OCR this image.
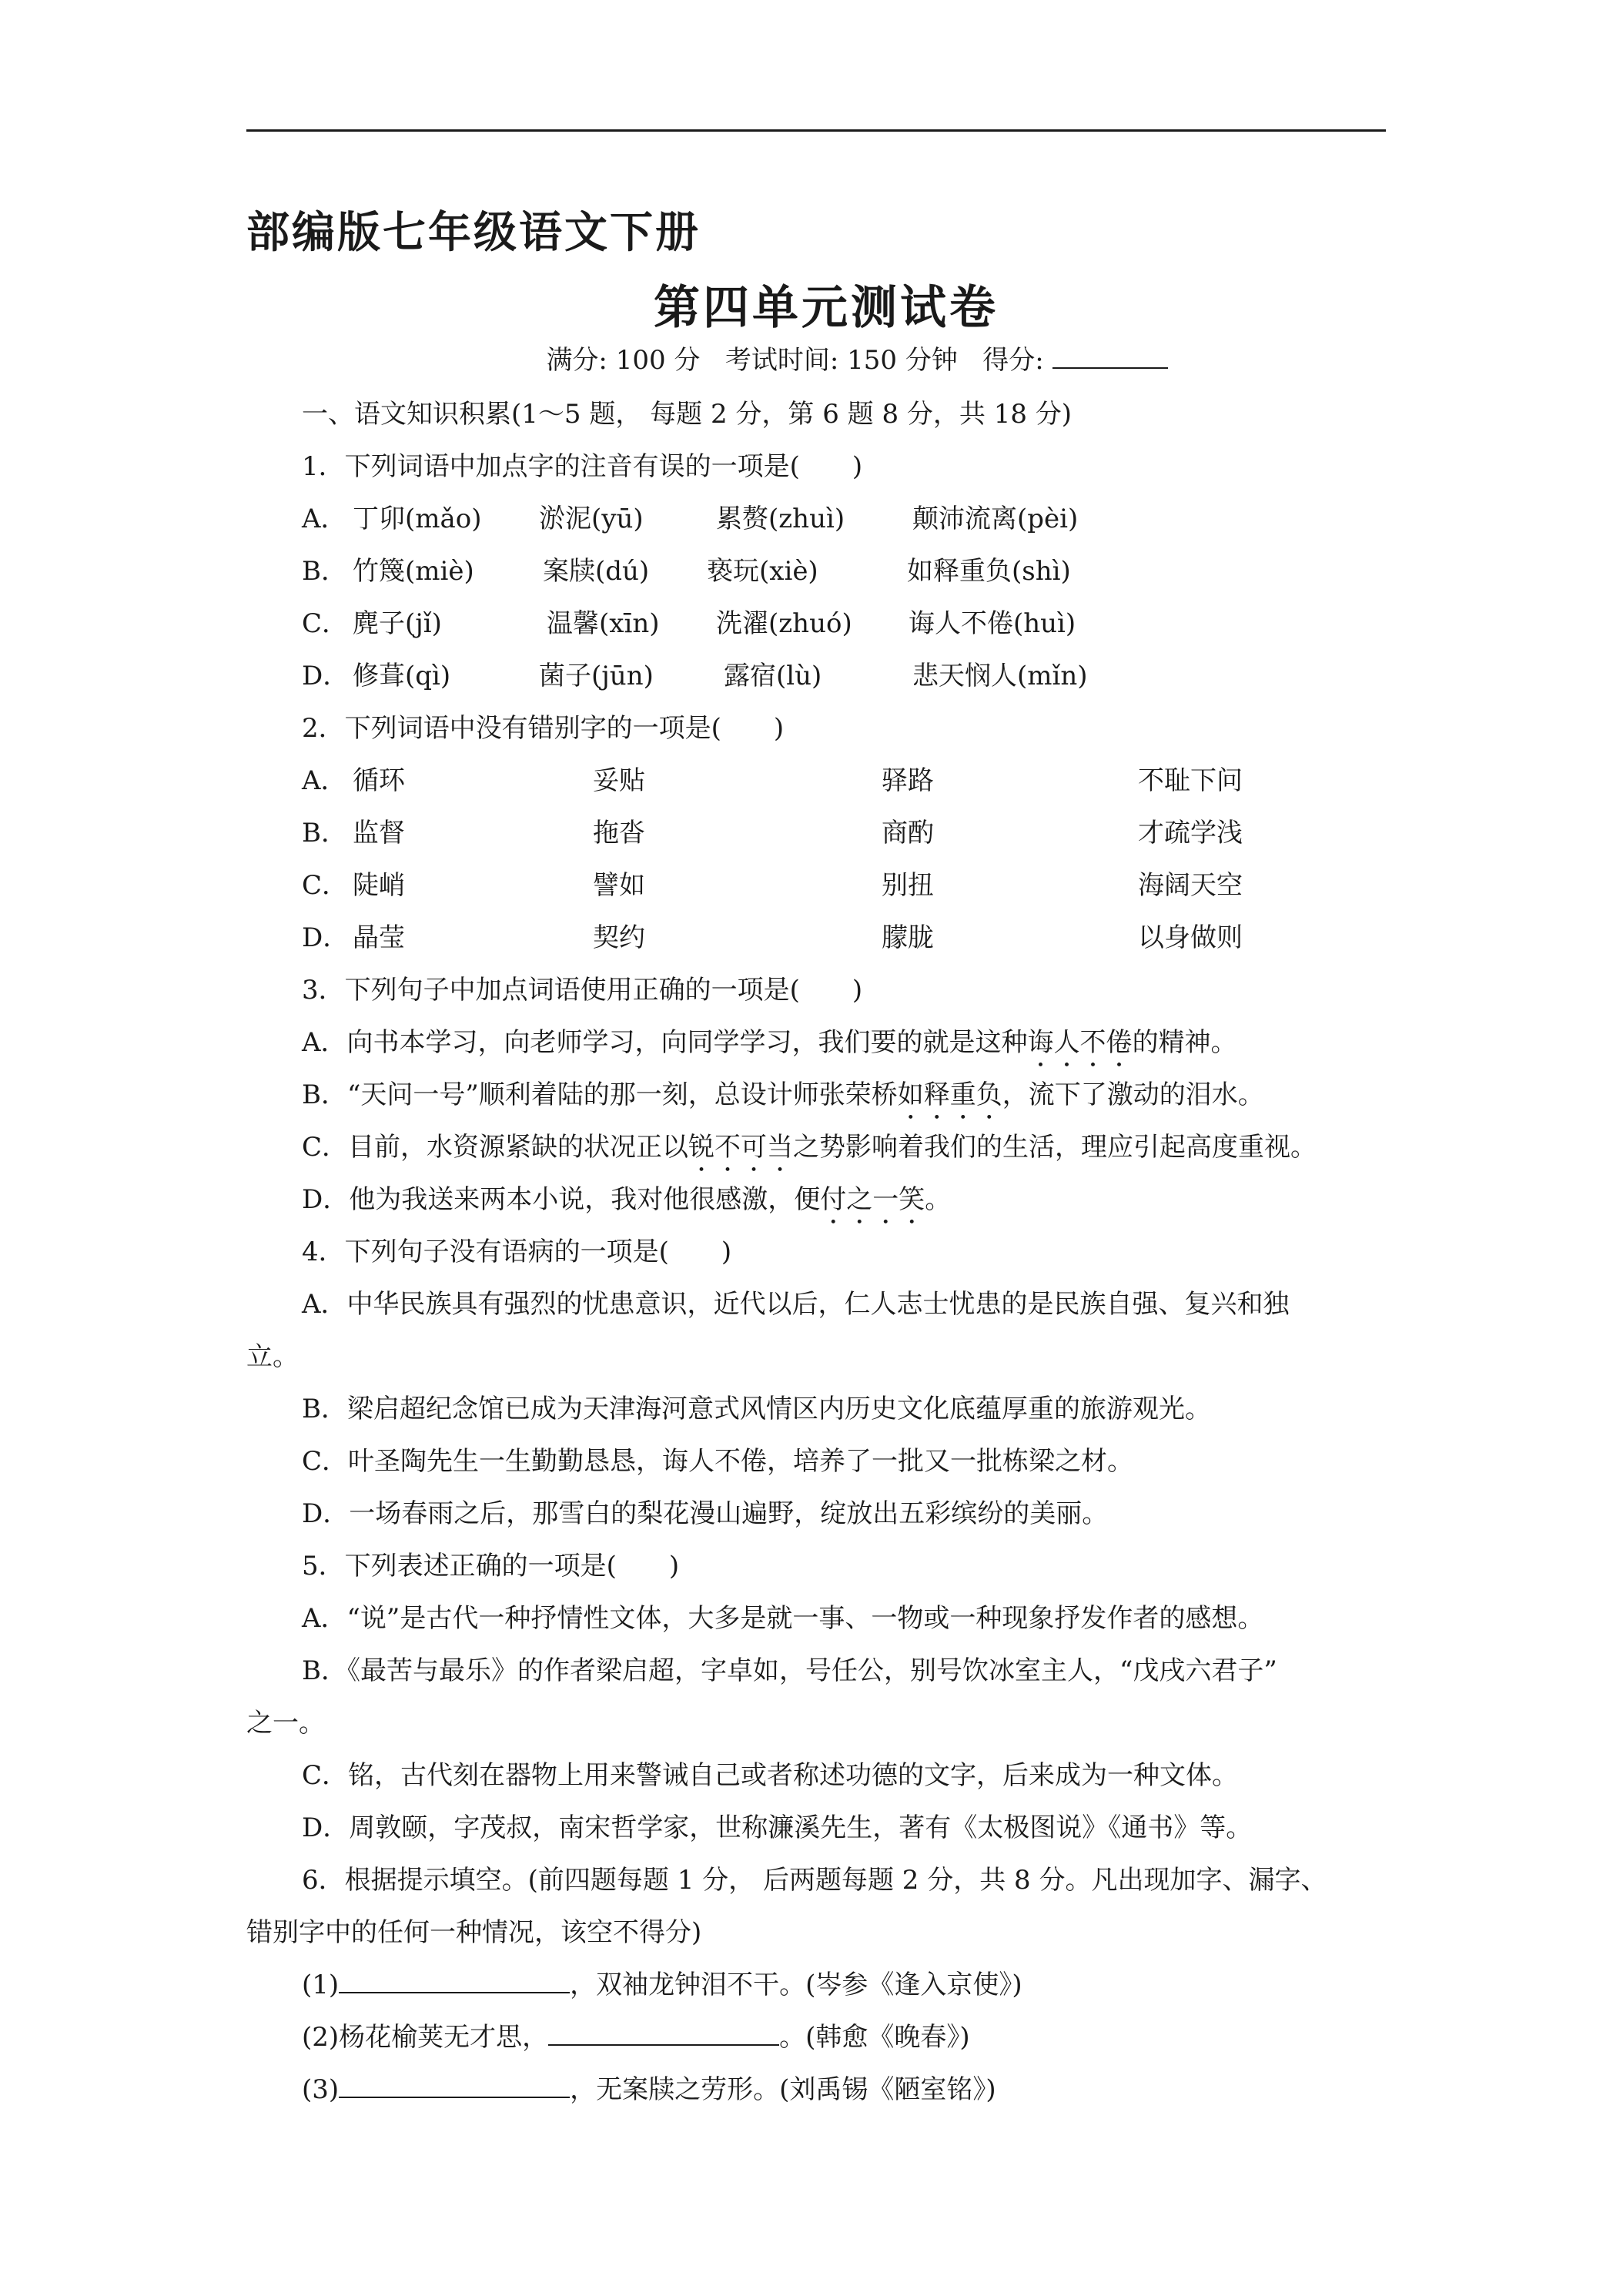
部编版七年级语文下册
第四单元测试卷
满分: 100 分 考试时间: 150 分钟 得分:
一、语文知识积累(1～5 题， 每题 2 分，第 6 题 8 分，共 18 分)
1．下列词语中加点字的注音有误的一项是(　　)
A． 丁卯(mǎo) 淤泥(yū)	累赘(zhuì)	颠沛流离(pèi)
B． 竹篾(miè)	案牍(dú) 亵玩(xiè)	如释重负(shì)
C． 麂子(jǐ)	温馨(xīn) 洗濯(zhuó) 诲人不倦(huì)
D． 修葺(qì)	菌子(jūn)	露宿(lù)	悲天悯人(mǐn)
2．下列词语中没有错别字的一项是(　　)
A． 循环	妥贴	驿路	不耻下问
B． 监督	拖沓	商酌	才疏学浅
C． 陡峭	譬如	别扭	海阔天空
D． 晶莹	契约	朦胧	以身做则
3．下列句子中加点词语使用正确的一项是(　　)
A．向书本学习，向老师学习，向同学学习，我们要的就是这种诲人不倦的精神。
B．“天问一号”顺利着陆的那一刻，总设计师张荣桥如释重负，流下了激动的泪水。
C．目前，水资源紧缺的状况正以锐不可当之势影响着我们的生活，理应引起高度重视。
D．他为我送来两本小说，我对他很感激，便付之一笑。
4．下列句子没有语病的一项是(　　)
A．中华民族具有强烈的忧患意识，近代以后，仁人志士忧患的是民族自强、复兴和独
立。
B．梁启超纪念馆已成为天津海河意式风情区内历史文化底蕴厚重的旅游观光。
C．叶圣陶先生一生勤勤恳恳，诲人不倦，培养了一批又一批栋梁之材。
D．一场春雨之后，那雪白的梨花漫山遍野，绽放出五彩缤纷的美丽。
5．下列表述正确的一项是(　　)
A．“说”是古代一种抒情性文体，大多是就一事、一物或一种现象抒发作者的感想。
B．《最苦与最乐》的作者梁启超，字卓如，号任公，别号饮冰室主人，“戊戌六君子”
之一。
C．铭，古代刻在器物上用来警诫自己或者称述功德的文字，后来成为一种文体。
D．周敦颐，字茂叔，南宋哲学家，世称濂溪先生，著有《太极图说》《通书》等。
6．根据提示填空。(前四题每题 1 分， 后两题每题 2 分，共 8 分。凡出现加字、漏字、
错别字中的任何一种情况，该空不得分)
(1)	，双袖龙钟泪不干。(岑参《逢入京使》)
(2)杨花榆荚无才思，	。(韩愈《晚春》)
(3)	，无案牍之劳形。(刘禹锡《陋室铭》)
